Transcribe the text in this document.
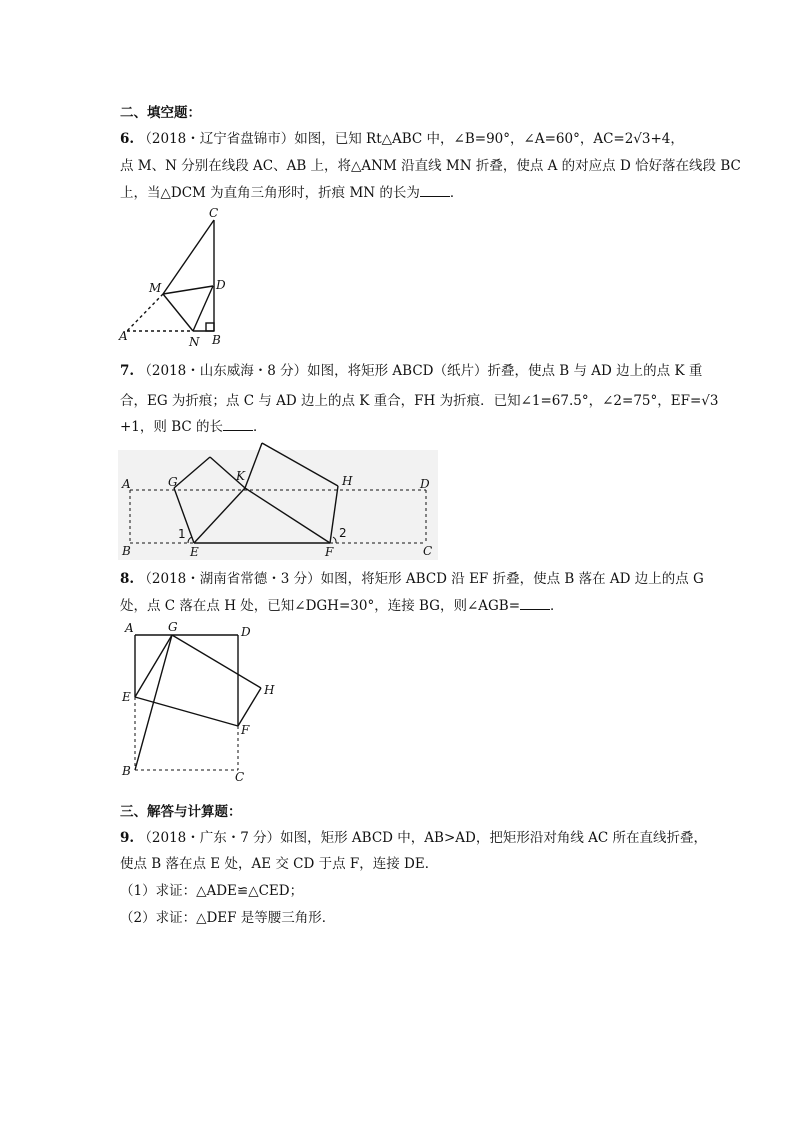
二、填空题：
6. （2018・辽宁省盘锦市）如图，已知 Rt△ABC 中，∠B=90°，∠A=60°，AC=2√3+4，
点 M、N 分别在线段 AC、AB 上，将△ANM 沿直线 MN 折叠，使点 A 的对应点 D 恰好落在线段 BC
上，当△DCM 为直角三角形时，折痕 MN 的长为 ．
C
M	D
A	N B
7. （2018・山东威海・8 分）如图，将矩形 ABCD（纸片）折叠，使点 B 与 AD 边上的点 K 重
合，EG 为折痕；点 C 与 AD 边上的点 K 重合，FH 为折痕．已知∠1=67.5°，∠2=75°，EF=√3
+1，则 BC 的长 ．
A	G	K	H	D
1	2
B	E	F	C
8. （2018・湖南省常德・3 分）如图，将矩形 ABCD 沿 EF 折叠，使点 B 落在 AD 边上的点 G
处，点 C 落在点 H 处，已知∠DGH=30°，连接 BG，则∠AGB= ．
A	G	D
E	H
F
B	C
三、解答与计算题：
9. （2018・广东・7 分）如图，矩形 ABCD 中，AB>AD，把矩形沿对角线 AC 所在直线折叠，
使点 B 落在点 E 处，AE 交 CD 于点 F，连接 DE．
（1）求证：△ADE≌△CED；
（2）求证：△DEF 是等腰三角形．
